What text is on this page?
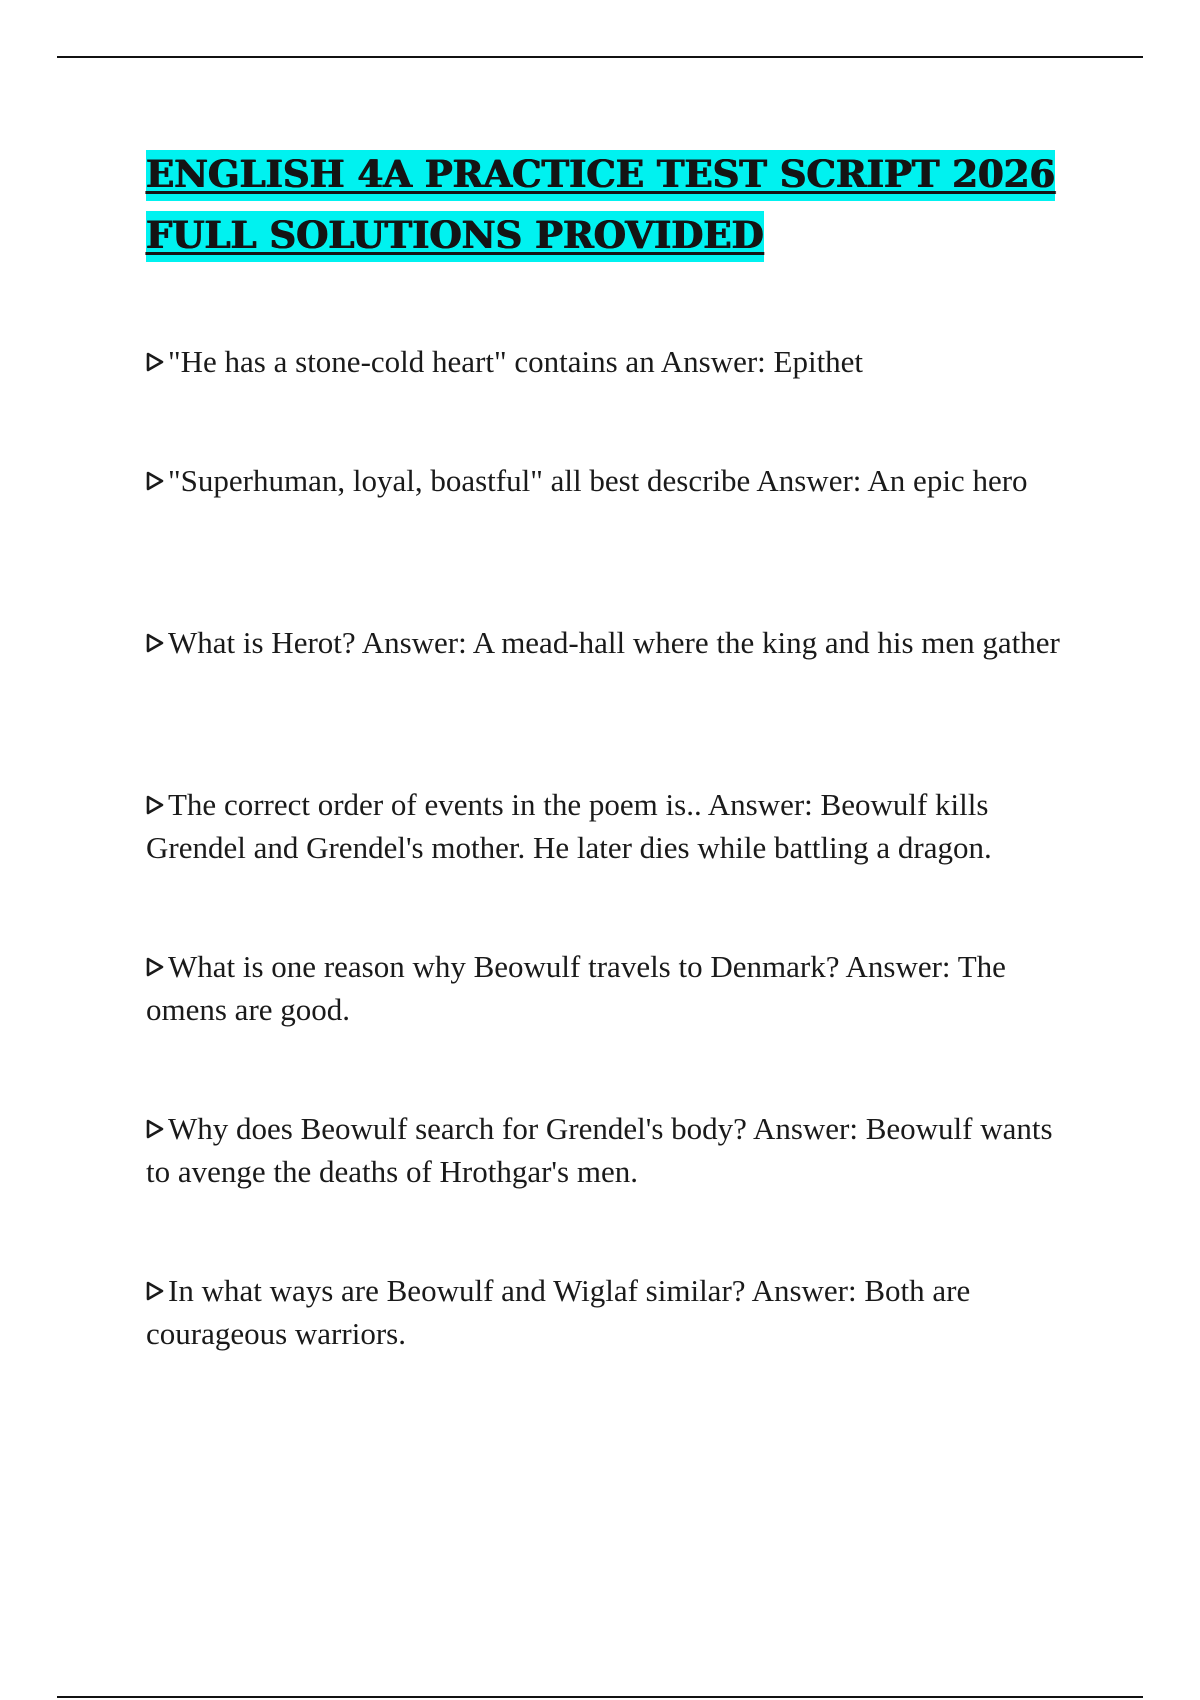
ENGLISH 4A PRACTICE TEST SCRIPT 2026
FULL SOLUTIONS PROVIDED
"He has a stone-cold heart" contains an Answer: Epithet
"Superhuman, loyal, boastful" all best describe Answer: An epic hero
What is Herot? Answer: A mead-hall where the king and his men gather
The correct order of events in the poem is.. Answer: Beowulf kills Grendel and Grendel's mother. He later dies while battling a dragon.
What is one reason why Beowulf travels to Denmark? Answer: The omens are good.
Why does Beowulf search for Grendel's body? Answer: Beowulf wants to avenge the deaths of Hrothgar's men.
In what ways are Beowulf and Wiglaf similar? Answer: Both are courageous warriors.
